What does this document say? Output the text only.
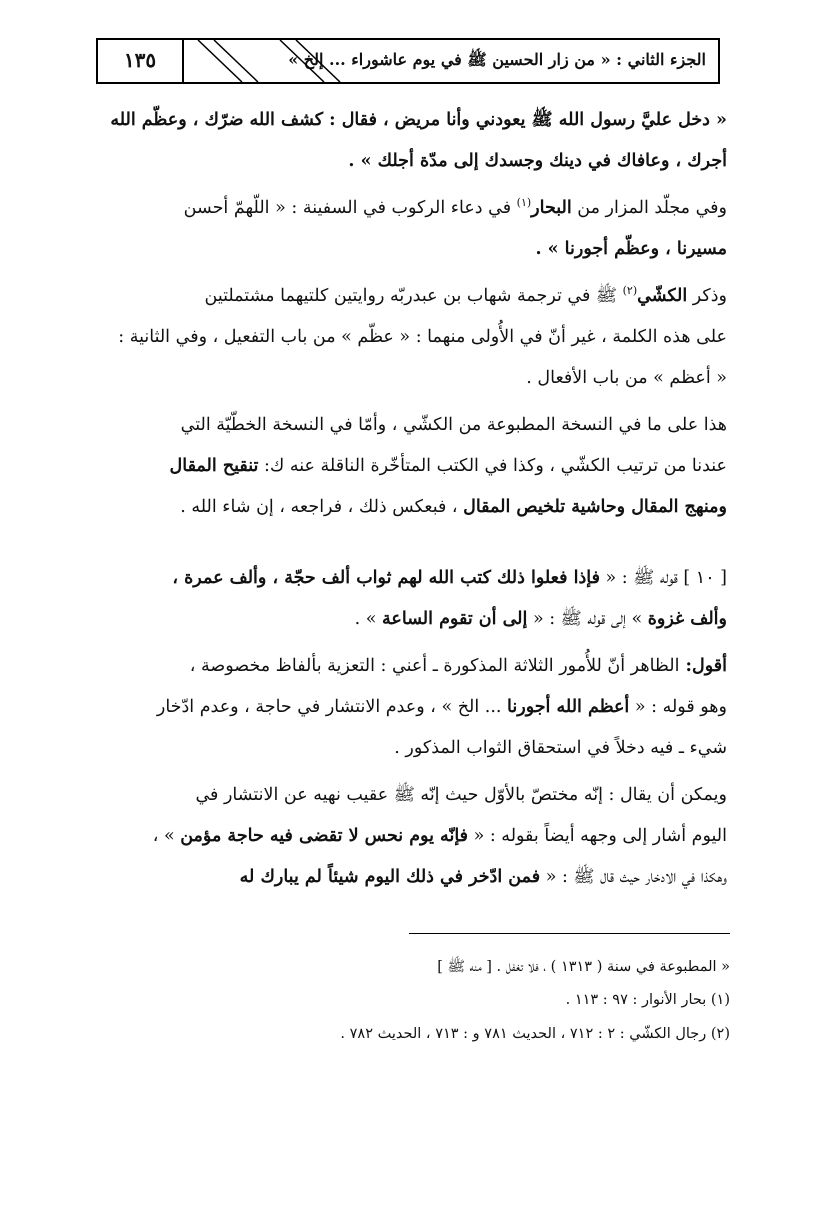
الجزء الثاني : « من زار الحسين ﷺ في يوم عاشوراء ... إلخ »
١٣٥

« دخل عليَّ رسول الله ﷺ يعودني وأنا مريض ، فقال : كشف الله ضرّك ، وعظّم الله
أجرك ، وعافاك في دينك وجسدك إلى مدّة أجلك » .

وفي مجلّد المزار من البحار$^{(١)}$ في دعاء الركوب في السفينة : « اللّهمّ أحسن
مسيرنا ، وعظّم أجورنا » .

وذكر الكشّي$^{(٢)}$ ﷺ في ترجمة شهاب بن عبدربّه روايتين كلتيهما مشتملتين
على هذه الكلمة ، غير أنّ في الأُولى منهما : « عظّم » من باب التفعيل ، وفي الثانية :
« أعظم » من باب الأفعال .

هذا على ما في النسخة المطبوعة من الكشّي ، وأمّا في النسخة الخطّيّة التي
عندنا من ترتيب الكشّي ، وكذا في الكتب المتأخّرة الناقلة عنه ك: تنقيح المقال
ومنهج المقال وحاشية تلخيص المقال ، فبعكس ذلك ، فراجعه ، إن شاء الله .

[ ١٠ ] قوله ﷺ : « فإذا فعلوا ذلك كتب الله لهم ثواب ألف حجّة ، وألف عمرة ،
وألف غزوة » إلى قوله ﷺ : « إلى أن تقوم الساعة » .

أقول: الظاهر أنّ للأُمور الثلاثة المذكورة ـ أعني : التعزية بألفاظ مخصوصة ،
وهو قوله : « أعظم الله أجورنا ... الخ » ، وعدم الانتشار في حاجة ، وعدم ادّخار
شيء ـ فيه دخلاً في استحقاق الثواب المذكور .

ويمكن أن يقال : إنّه مختصّ بالأوّل حيث إنّه ﷺ عقيب نهيه عن الانتشار في
اليوم أشار إلى وجهه أيضاً بقوله : « فإنّه يوم نحس لا تقضى فيه حاجة مؤمن » ،
وهكذا في الادخار حيث قال ﷺ : « فمن ادّخر في ذلك اليوم شيئاً لم يبارك له

« المطبوعة في سنة ( ١٣١٣ ) ، فلا تغفل . [ منه ﷺ ]
(١) بحار الأنوار : ٩٧ : ١١٣ .
(٢) رجال الكشّي : ٢ : ٧١٢ ، الحديث ٧٨١ و : ٧١٣ ، الحديث ٧٨٢ .
